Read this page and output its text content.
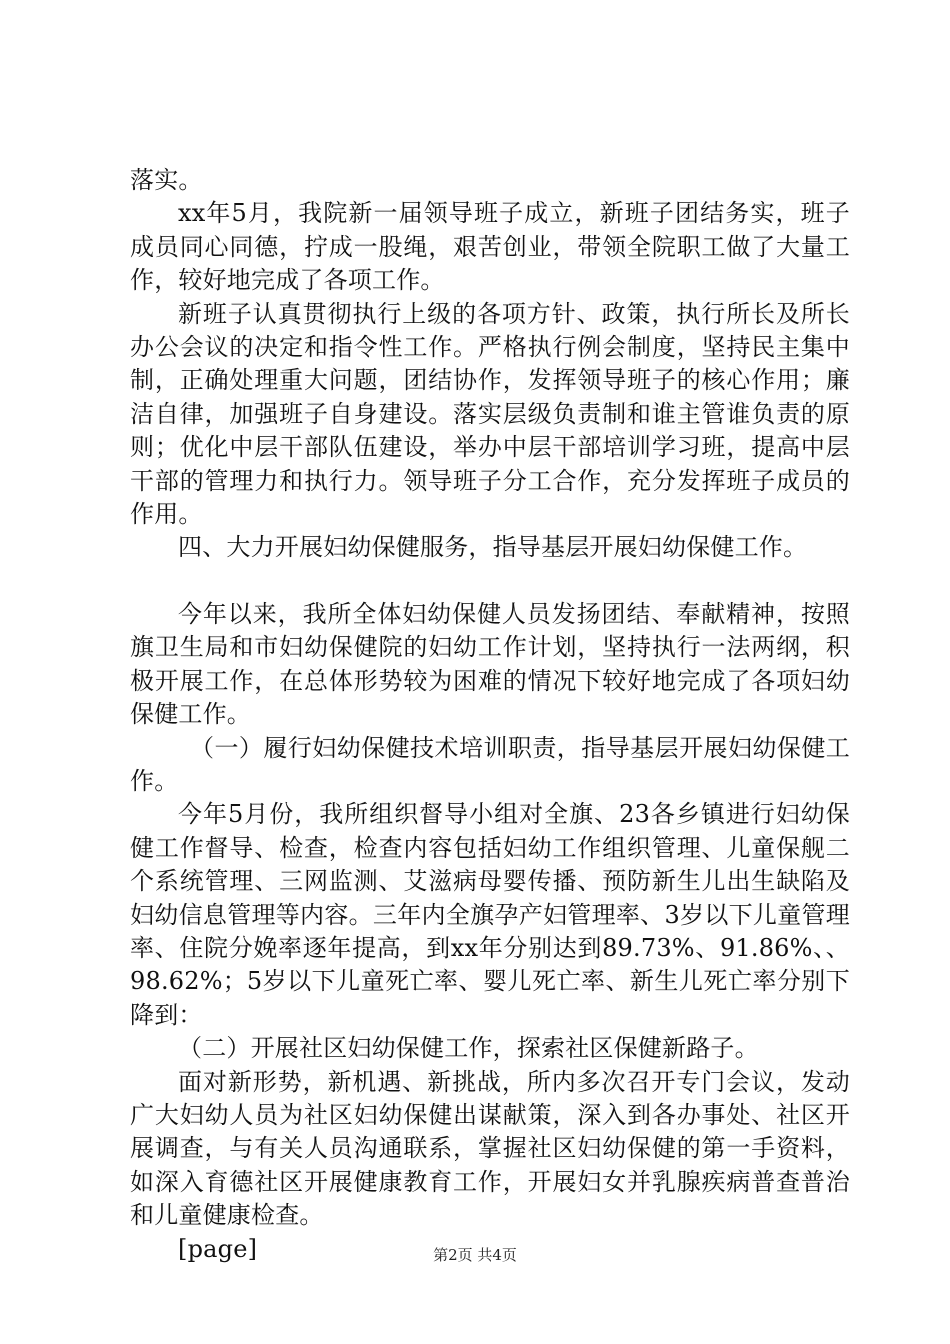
落实。

xx年5月，我院新一届领导班子成立，新班子团结务实，班子成员同心同德，拧成一股绳，艰苦创业，带领全院职工做了大量工作，较好地完成了各项工作。

新班子认真贯彻执行上级的各项方针、政策，执行所长及所长办公会议的决定和指令性工作。严格执行例会制度，坚持民主集中制，正确处理重大问题，团结协作，发挥领导班子的核心作用；廉洁自律，加强班子自身建设。落实层级负责制和谁主管谁负责的原则；优化中层干部队伍建设，举办中层干部培训学习班，提高中层干部的管理力和执行力。领导班子分工合作，充分发挥班子成员的作用。

四、大力开展妇幼保健服务，指导基层开展妇幼保健工作。

今年以来，我所全体妇幼保健人员发扬团结、奉献精神，按照旗卫生局和市妇幼保健院的妇幼工作计划，坚持执行一法两纲，积极开展工作，在总体形势较为困难的情况下较好地完成了各项妇幼保健工作。

（一）履行妇幼保健技术培训职责，指导基层开展妇幼保健工作。

今年5月份，我所组织督导小组对全旗、23各乡镇进行妇幼保健工作督导、检查，检查内容包括妇幼工作组织管理、儿童保舰二个系统管理、三网监测、艾滋病母婴传播、预防新生儿出生缺陷及妇幼信息管理等内容。三年内全旗孕产妇管理率、3岁以下儿童管理率、住院分娩率逐年提高，到xx年分别达到89.73%、91.86%、、98.62%；5岁以下儿童死亡率、婴儿死亡率、新生儿死亡率分别下降到：

（二）开展社区妇幼保健工作，探索社区保健新路子。

面对新形势，新机遇、新挑战，所内多次召开专门会议，发动广大妇幼人员为社区妇幼保健出谋献策，深入到各办事处、社区开展调查，与有关人员沟通联系，掌握社区妇幼保健的第一手资料，如深入育德社区开展健康教育工作，开展妇女并乳腺疾病普查普治和儿童健康检查。

[page]	第2页 共4页
